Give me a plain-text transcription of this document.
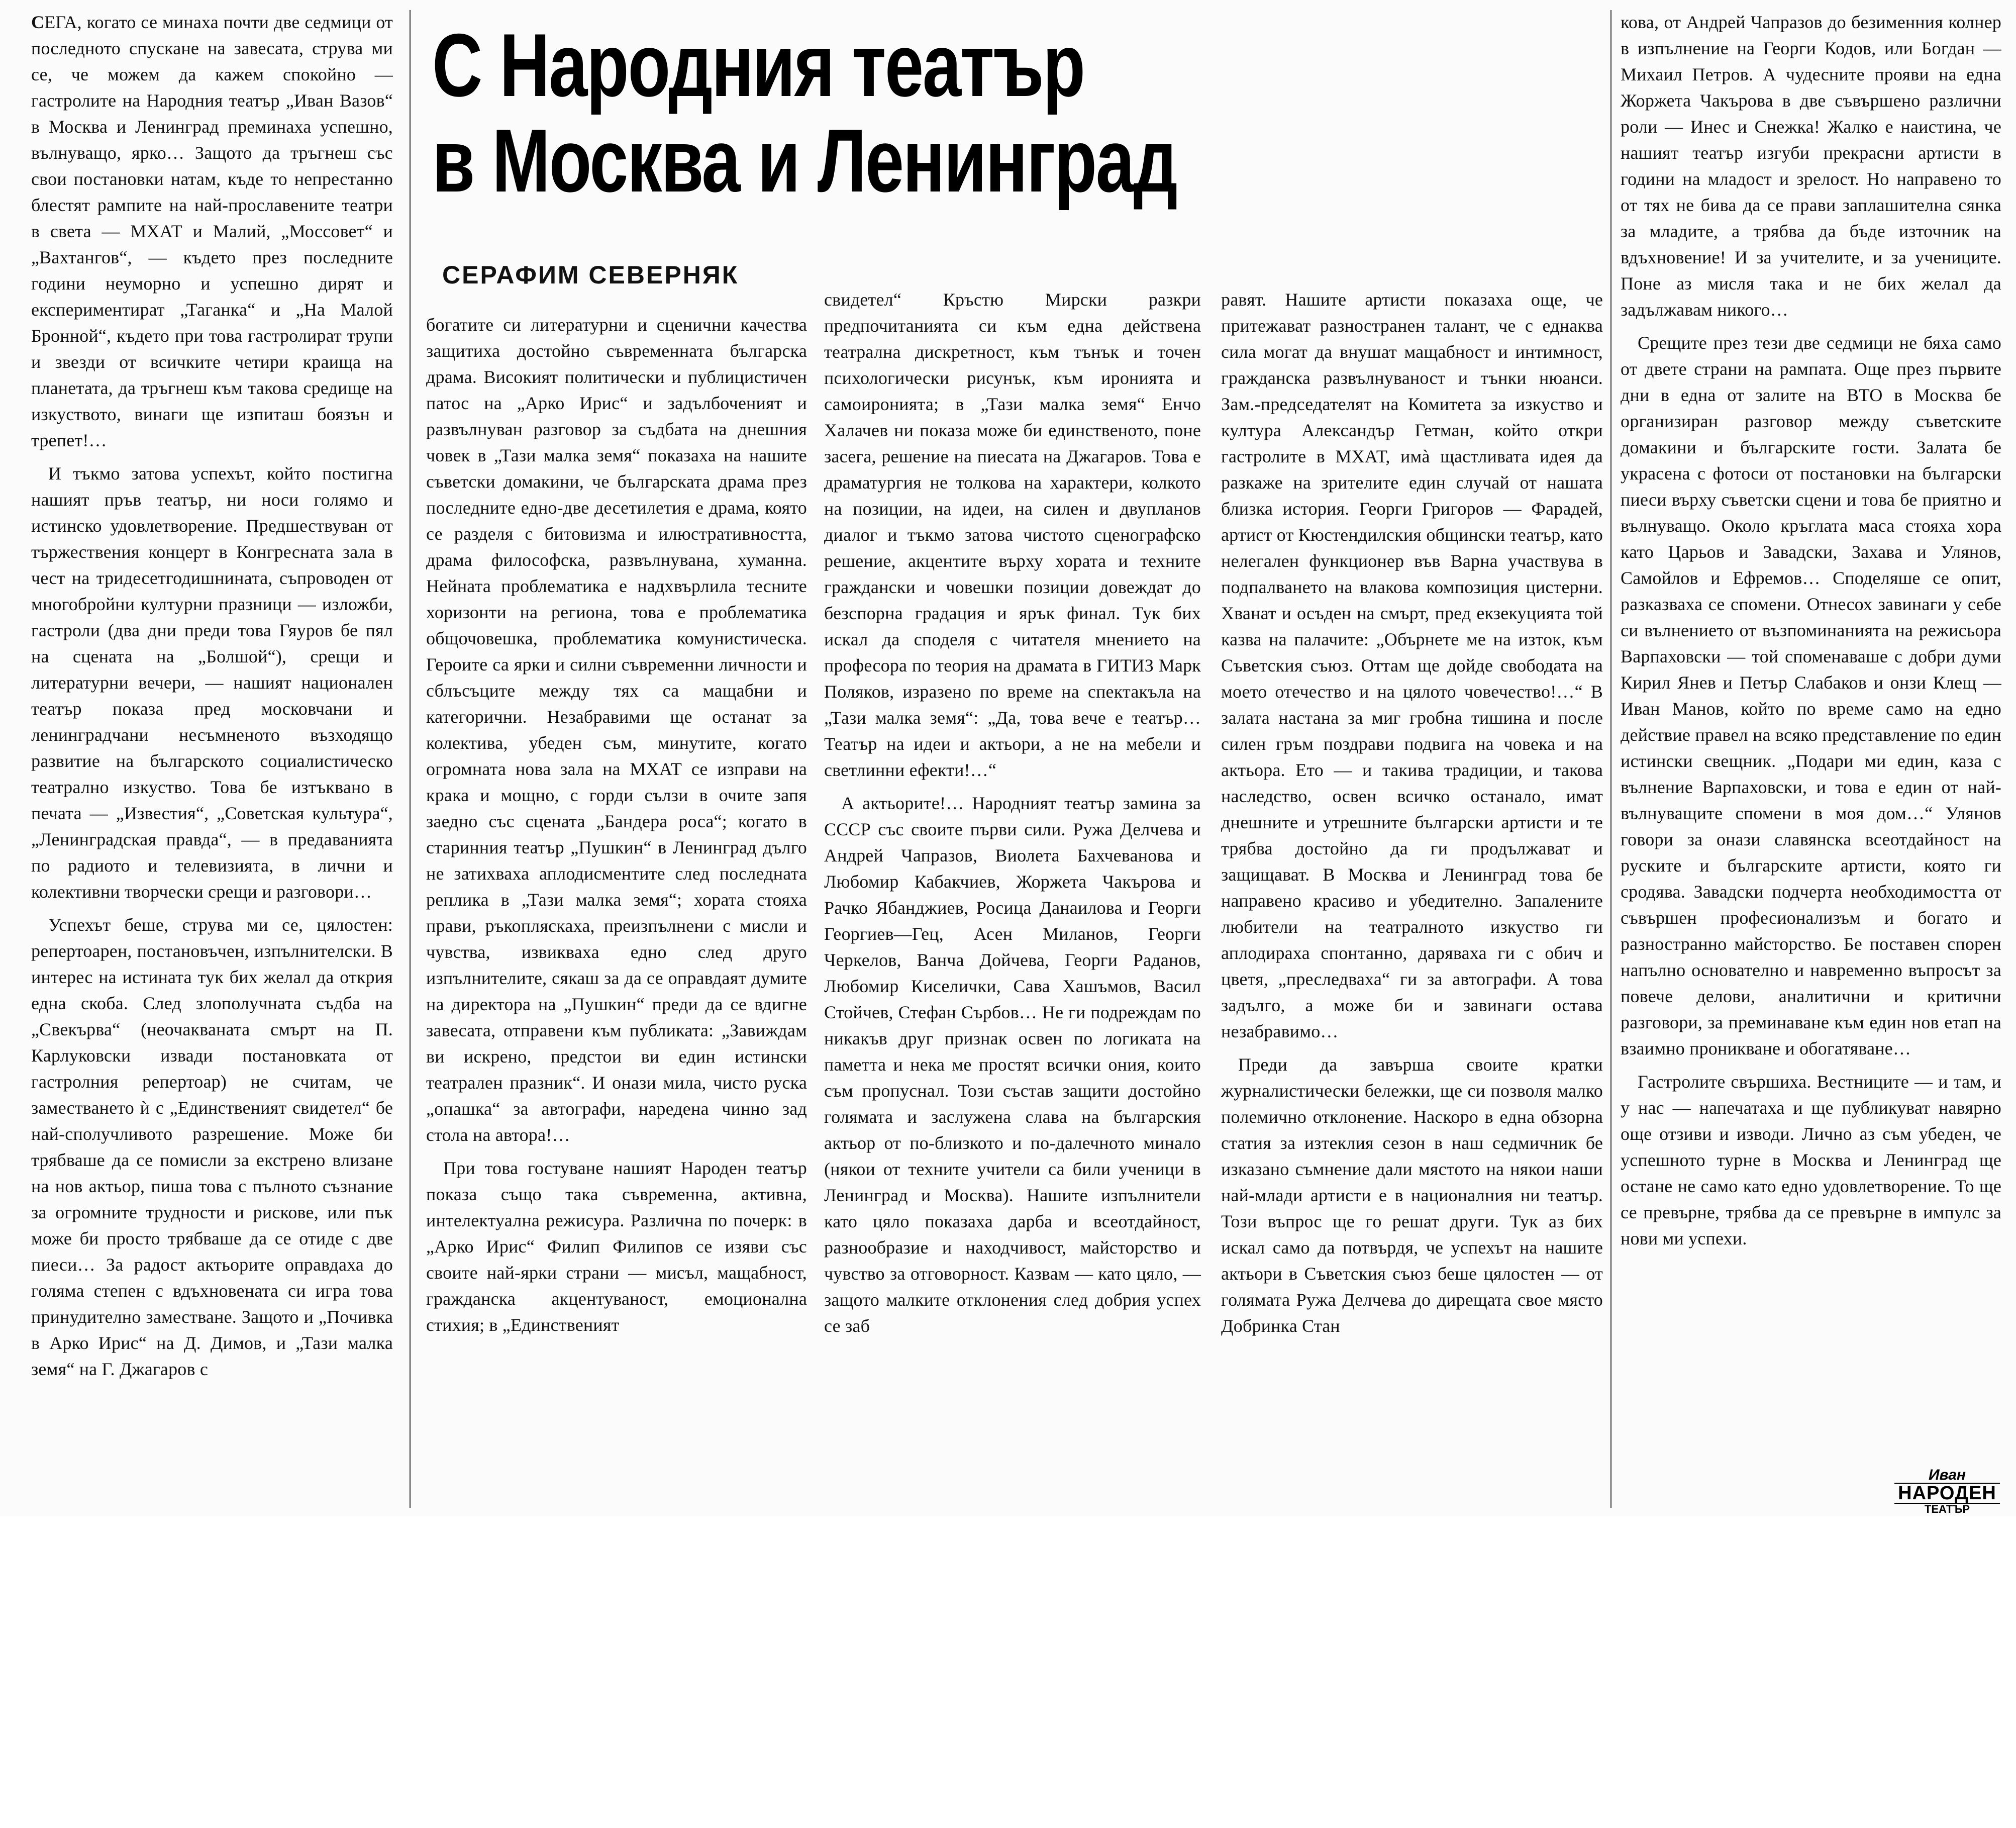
С Народния театър
в Москва и Ленинград
СЕРАФИМ СЕВЕРНЯК

СЕГА, когато се минаха почти две седмици от последното спускане на завесата, струва ми се, че можем да кажем спокойно — гастролите на Народния театър „Иван Вазов“ в Москва и Ленинград преминаха успешно, вълнуващо, ярко… Защото да тръгнеш със свои постановки натам, къде то непрестанно блестят рампите на най-прославените театри в света — МХАТ и Малий, „Моссовет“ и „Вахтангов“, — където през последните години неуморно и успешно дирят и експериментират „Таганка“ и „На Малой Бронной“, където при това гастролират трупи и звезди от всичките четири краища на планетата, да тръгнеш към такова средище на изкуството, винаги ще изпиташ боязън и трепет!…

И тъкмо затова успехът, който постигна нашият пръв театър, ни носи голямо и истинско удовлетворение. Предшествуван от тържествения концерт в Конгресната зала в чест на тридесетгодишнината, съпроводен от многобройни културни празници — изложби, гастроли (два дни преди това Гяуров бе пял на сцената на „Болшой“), срещи и литературни вечери, — нашият национален театър показа пред московчани и ленинградчани несъмненото възходящо развитие на българското социалистическо театрално изкуство. Това бе изтъквано в печата — „Известия“, „Советская культура“, „Ленинградская правда“, — в предаванията по радиото и телевизията, в лични и колективни творчески срещи и разговори…

Успехът беше, струва ми се, цялостен: репертоарен, постановъчен, изпълнителски. В интерес на истината тук бих желал да открия една скоба. След злополучната съдба на „Свекърва“ (неочакваната смърт на П. Карлуковски извади постановката от гастролния репертоар) не считам, че заместването ѝ с „Единственият свидетел“ бе най-сполучливото разрешение. Може би трябваше да се помисли за екстрено влизане на нов актьор, пиша това с пълното съзнание за огромните трудности и рискове, или пък може би просто трябваше да се отиде с две пиеси… За радост актьорите оправдаха до голяма степен с вдъхновената си игра това принудително заместване. Защото и „Почивка в Арко Ирис“ на Д. Димов, и „Тази малка земя“ на Г. Джагаров с

богатите си литературни и сценични качества защитиха достойно съвременната българска драма. Високият политически и публицистичен патос на „Арко Ирис“ и задълбоченият и развълнуван разговор за съдбата на днешния човек в „Тази малка земя“ показаха на нашите съветски домакини, че българската драма през последните едно-две десетилетия е драма, която се разделя с битовизма и илюстративността, драма философска, развълнувана, хуманна. Нейната проблематика е надхвърлила тесните хоризонти на региона, това е проблематика общочовешка, проблематика комунистическа. Героите са ярки и силни съвременни личности и сблъсъците между тях са мащабни и категорични. Незабравими ще останат за колектива, убеден съм, минутите, когато огромната нова зала на МХАТ се изправи на крака и мощно, с горди сълзи в очите запя заедно със сцената „Бандера роса“; когато в старинния театър „Пушкин“ в Ленинград дълго не затихваха аплодисментите след последната реплика в „Тази малка земя“; хората стояха прави, ръкопляскаха, преизпълнени с мисли и чувства, извикваха едно след друго изпълнителите, сякаш за да се оправдаят думите на директора на „Пушкин“ преди да се вдигне завесата, отправени към публиката: „Завиждам ви искрено, предстои ви един истински театрален празник“. И онази мила, чисто руска „опашка“ за автографи, наредена чинно зад стола на автора!…

При това гостуване нашият Народен театър показа също така съвременна, активна, интелектуална режисура. Различна по почерк: в „Арко Ирис“ Филип Филипов се изяви със своите най-ярки страни — мисъл, мащабност, гражданска акцентуваност, емоционална стихия; в „Единственият

свидетел“ Кръстю Мирски разкри предпочитанията си към една действена театрална дискретност, към тънък и точен психологически рисунък, към иронията и самоиронията; в „Тази малка земя“ Енчо Халачев ни показа може би единственото, поне засега, решение на пиесата на Джагаров. Това е драматургия не толкова на характери, колкото на позиции, на идеи, на силен и двупланов диалог и тъкмо затова чистото сценографско решение, акцентите върху хората и техните граждански и човешки позиции довеждат до безспорна градация и ярък финал. Тук бих искал да споделя с читателя мнението на професора по теория на драмата в ГИТИЗ Марк Поляков, изразено по време на спектакъла на „Тази малка земя“: „Да, това вече е театър… Театър на идеи и актьори, а не на мебели и светлинни ефекти!…“

А актьорите!… Народният театър замина за СССР със своите първи сили. Ружа Делчева и Андрей Чапразов, Виолета Бахчеванова и Любомир Кабакчиев, Жоржета Чакърова и Рачко Ябанджиев, Росица Данаилова и Георги Георгиев—Гец, Асен Миланов, Георги Черкелов, Ванча Дойчева, Георги Раданов, Любомир Киселички, Сава Хашъмов, Васил Стойчев, Стефан Сърбов… Не ги подреждам по никакъв друг признак освен по логиката на паметта и нека ме простят всички ония, които съм пропуснал. Този състав защити достойно голямата и заслужена слава на българския актьор от по-близкото и по-далечното минало (някои от техните учители са били ученици в Ленинград и Москва). Нашите изпълнители като цяло показаха дарба и всеотдайност, разнообразие и находчивост, майсторство и чувство за отговорност. Казвам — като цяло, — защото малките отклонения след добрия успех се заб

равят. Нашите артисти показаха още, че притежават разностранен талант, че с еднаква сила могат да внушат мащабност и интимност, гражданска развълнуваност и тънки нюанси. Зам.-председателят на Комитета за изкуство и култура Александър Гетман, който откри гастролите в МХАТ, имà щастливата идея да разкаже на зрителите един случай от нашата близка история. Георги Григоров — Фарадей, артист от Кюстендилския общински театър, като нелегален функционер във Варна участвува в подпалването на влакова композиция цистерни. Хванат и осъден на смърт, пред екзекуцията той казва на палачите: „Обърнете ме на изток, към Съветския съюз. Оттам ще дойде свободата на моето отечество и на цялото човечество!…“ В залата настана за миг гробна тишина и после силен гръм поздрави подвига на човека и на актьора. Ето — и такива традиции, и такова наследство, освен всичко останало, имат днешните и утрешните български артисти и те трябва достойно да ги продължават и защищават. В Москва и Ленинград това бе направено красиво и убедително. Запалените любители на театралното изкуство ги аплодираха спонтанно, даряваха ги с обич и цветя, „преследваха“ ги за автографи. А това задълго, а може би и завинаги остава незабравимо…

Преди да завърша своите кратки журналистически бележки, ще си позволя малко полемично отклонение. Наскоро в една обзорна статия за изтеклия сезон в наш седмичник бе изказано съмнение дали мястото на някои наши най-млади артисти е в националния ни театър. Този въпрос ще го решат други. Тук аз бих искал само да потвърдя, че успехът на нашите актьори в Съветския съюз беше цялостен — от голямата Ружа Делчева до дирещата свое място Добринка Стан

кова, от Андрей Чапразов до безименния колнер в изпълнение на Георги Кодов, или Богдан — Михаил Петров. А чудесните прояви на една Жоржета Чакърова в две съвършено различни роли — Инес и Снежка! Жалко е наистина, че нашият театър изгуби прекрасни артисти в години на младост и зрелост. Но направено то от тях не бива да се прави заплашителна сянка за младите, а трябва да бъде източник на вдъхновение! И за учителите, и за учениците. Поне аз мисля така и не бих желал да задължавам никого…

Срещите през тези две седмици не бяха само от двете страни на рампата. Още през първите дни в една от залите на ВТО в Москва бе организиран разговор между съветските домакини и българските гости. Залата бе украсена с фотоси от постановки на български пиеси върху съветски сцени и това бе приятно и вълнуващо. Около кръглата маса стояха хора като Царьов и Завадски, Захава и Улянов, Самойлов и Ефремов… Споделяше се опит, разказваха се спомени. Отнесох завинаги у себе си вълнението от възпоминанията на режисьора Варпаховски — той споменаваше с добри думи Кирил Янев и Петър Слабаков и онзи Клещ — Иван Манов, който по време само на едно действие правел на всяко представление по един истински свещник. „Подари ми един, каза с вълнение Варпаховски, и това е един от най-вълнуващите спомени в моя дом…“ Улянов говори за онази славянска всеотдайност на руските и българските артисти, която ги сродява. Завадски подчерта необходимостта от съвършен професионализъм и богато и разностранно майсторство. Бе поставен спорен напълно основателно и навременно въпросът за повече делови, аналитични и критични разговори, за преминаване към един нов етап на взаимно проникване и обогатяване…

Гастролите свършиха. Вестниците — и там, и у нас — напечатаха и ще публикуват навярно още отзиви и изводи. Лично аз съм убеден, че успешното турне в Москва и Ленинград ще остане не само като едно удовлетворение. То ще се превърне, трябва да се превърне в импулс за нови ми успехи.

Иван
НАРОДЕН
ТЕАТЪР
